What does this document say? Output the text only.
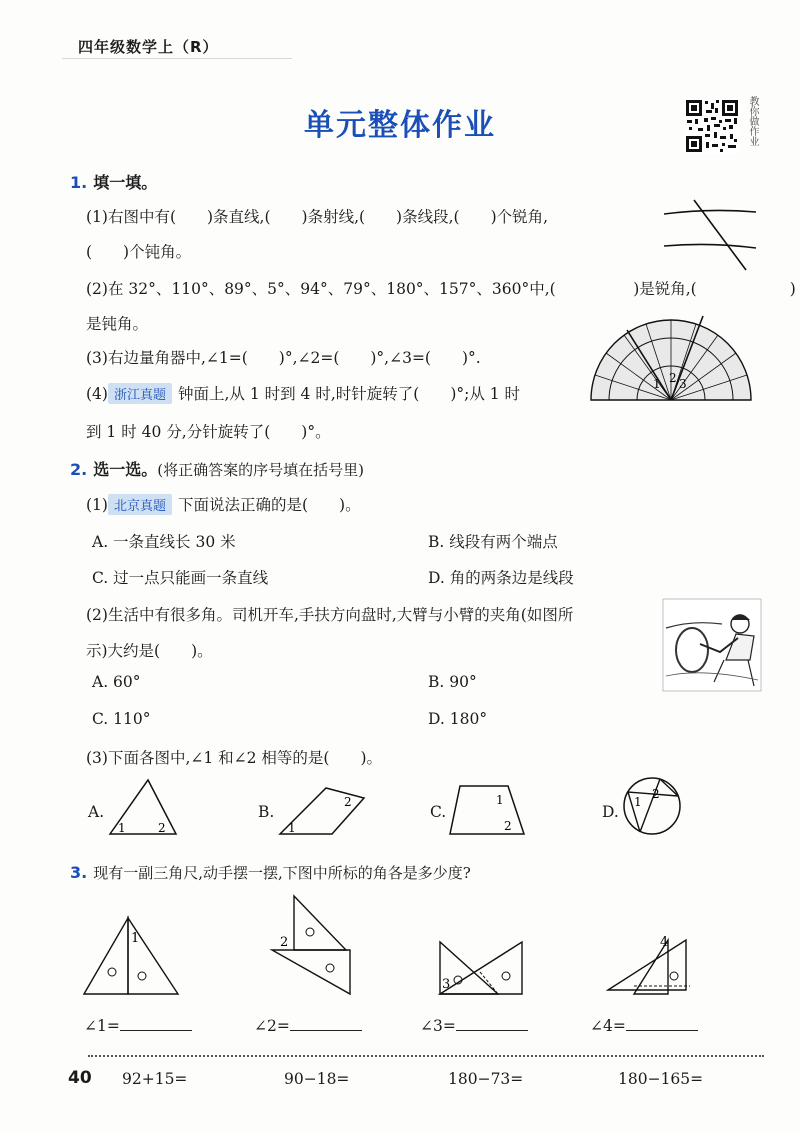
四年级数学上（R）
单元整体作业	教你做作业
1. 填一填。
(1)右图中有(　　)条直线,(　　)条射线,(　　)条线段,(　　)个锐角,
(　　)个钝角。
(2)在 32°、110°、89°、5°、94°、79°、180°、157°、360°中,(　　　　　)是锐角,(　　　　　　)
是钝角。
(3)右边量角器中,∠1=(　　)°,∠2=(　　)°,∠3=(　　)°.
1 2 3
(4) 浙江真题 钟面上,从 1 时到 4 时,时针旋转了(　　)°;从 1 时
到 1 时 40 分,分针旋转了(　　)°。
2. 选一选。(将正确答案的序号填在括号里)
(1) 北京真题 下面说法正确的是(　　)。
A. 一条直线长 30 米	B. 线段有两个端点
C. 过一点只能画一条直线	D. 角的两条边是线段
(2)生活中有很多角。司机开车,手扶方向盘时,大臂与小臂的夹角(如图所
示)大约是(　　)。
A. 60°	B. 90°
C. 110°	D. 180°
(3)下面各图中,∠1 和∠2 相等的是(　　)。
A.
1	2
B.
1
2
C.
1
2
D.
1
2
3. 现有一副三角尺,动手摆一摆,下图中所标的角各是多少度?
1	2
3
4
∠1=	∠2=	∠3=	∠4=
40 92+15=	90−18=	180−73=	180−165=
